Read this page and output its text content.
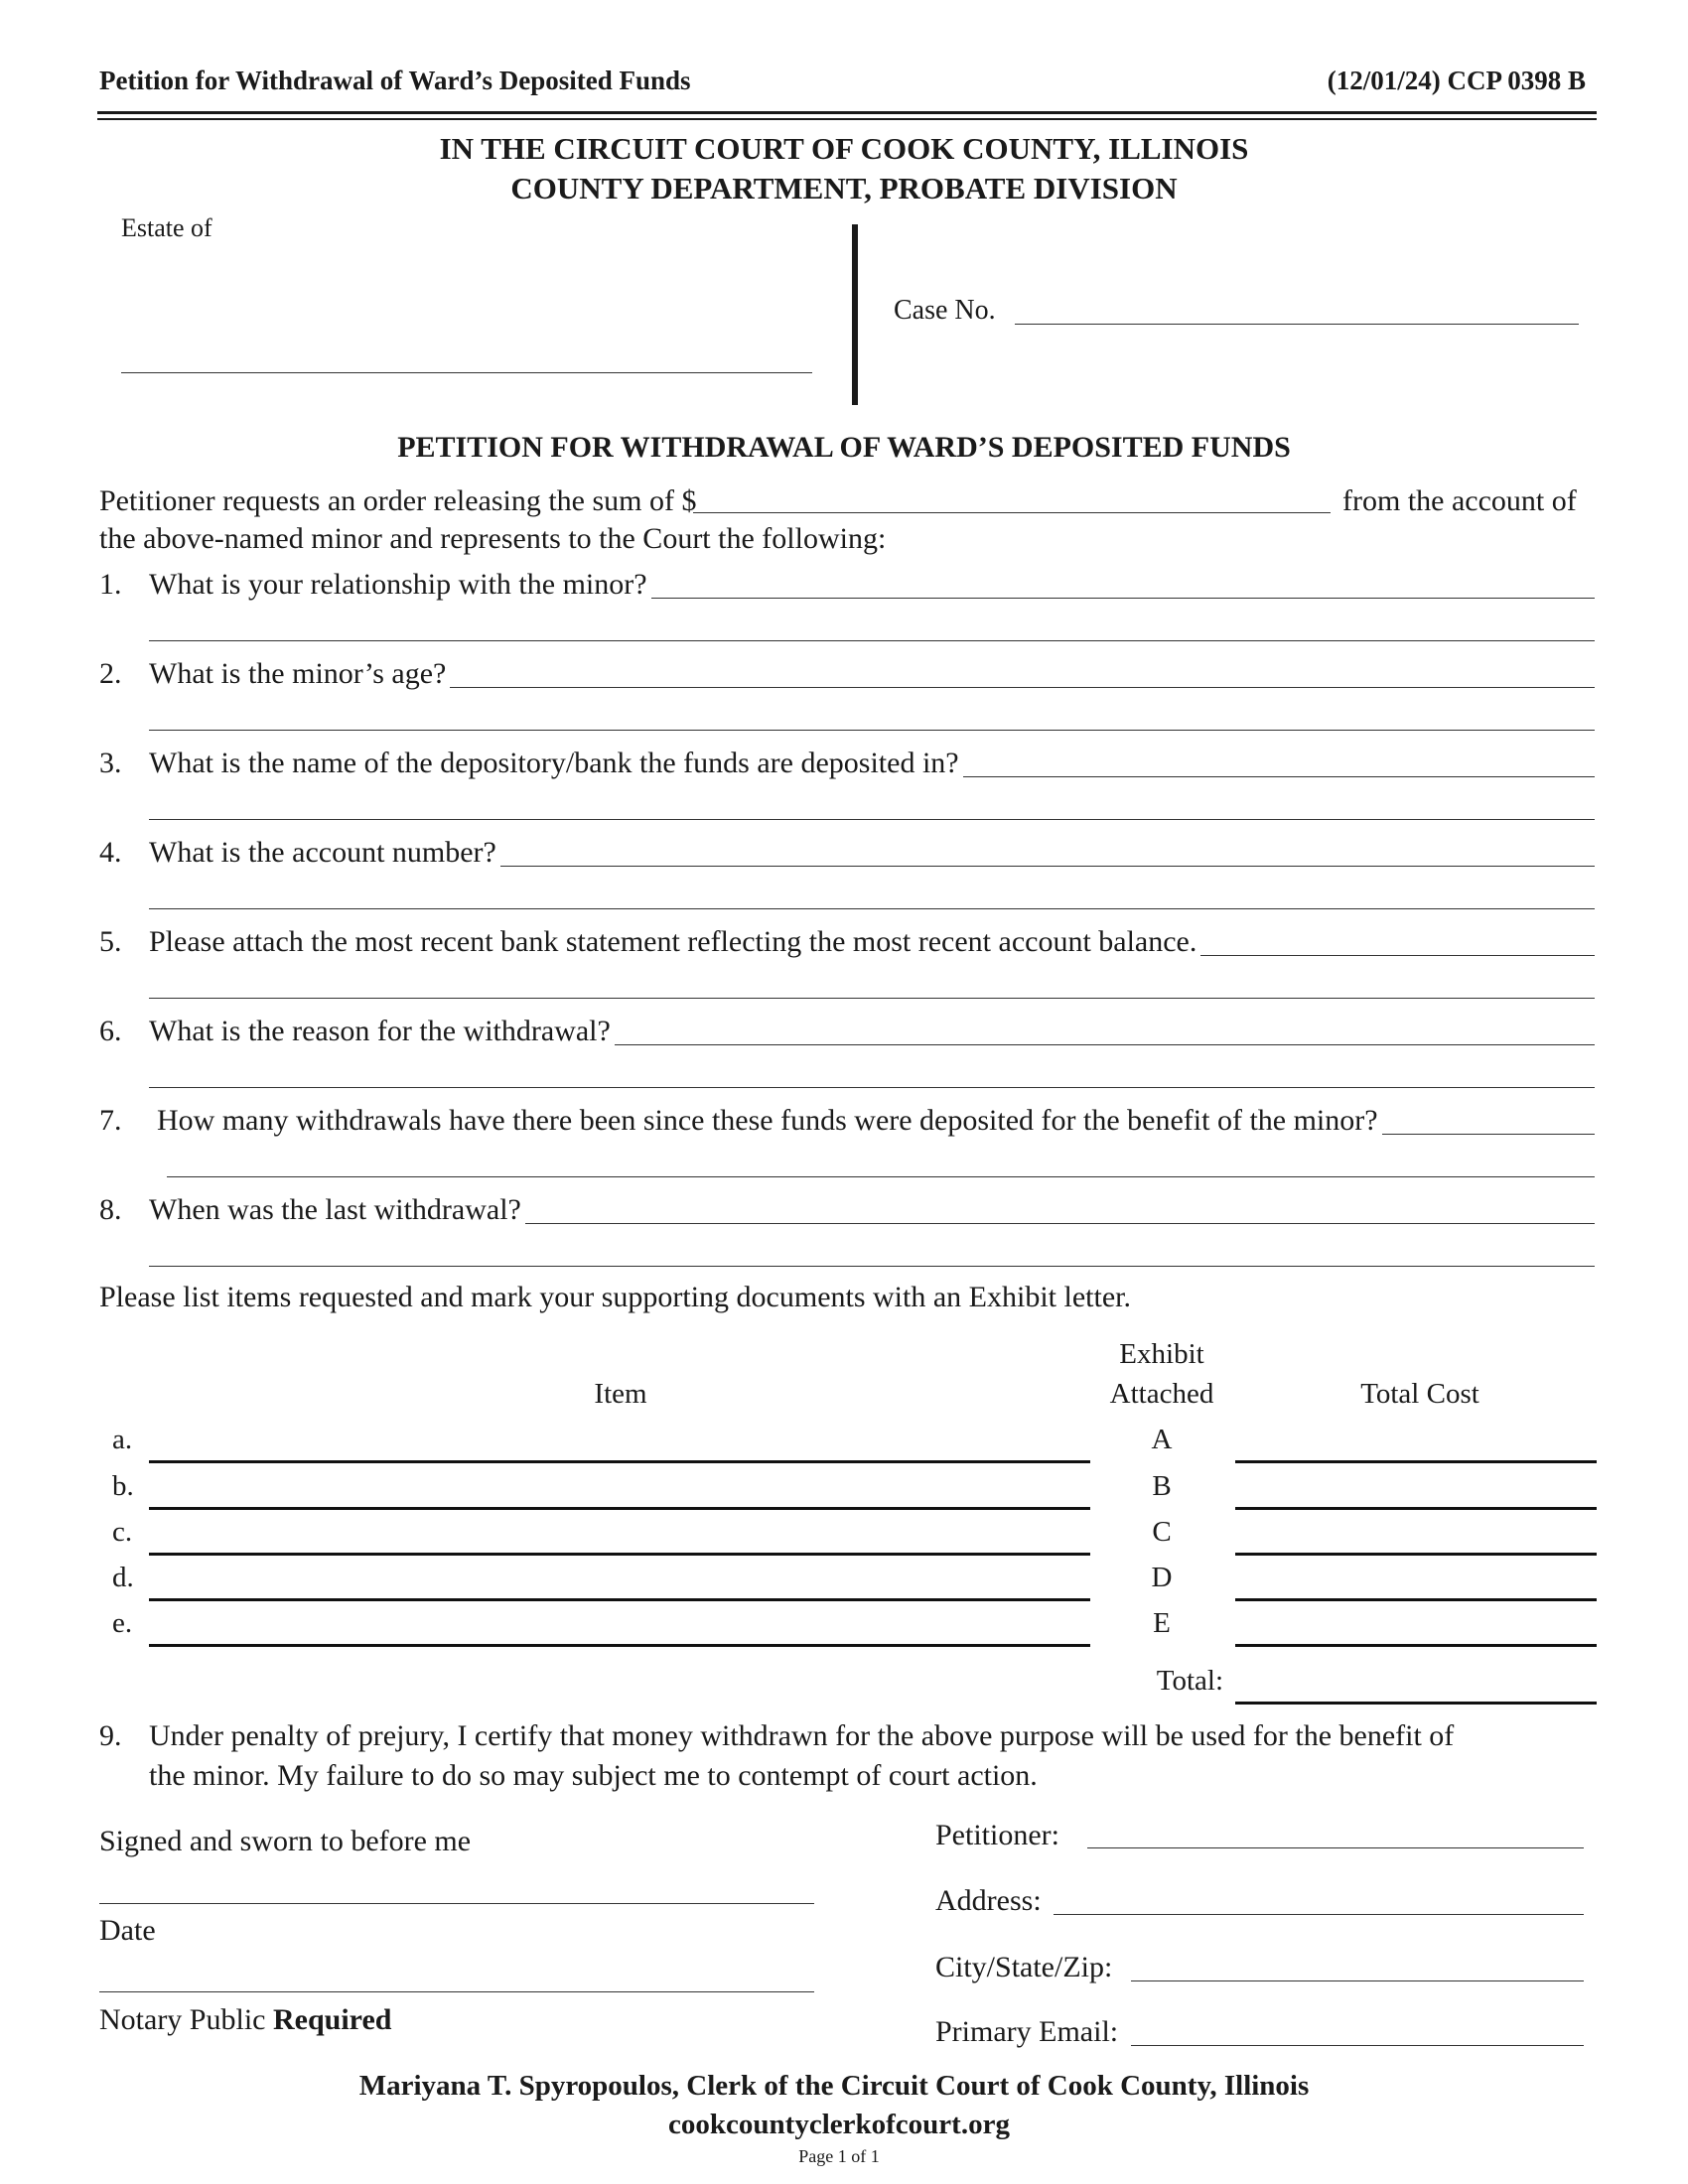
Petition for Withdrawal of Ward’s Deposited Funds	(12/01/24) CCP 0398 B
IN THE CIRCUIT COURT OF COOK COUNTY, ILLINOIS
COUNTY DEPARTMENT, PROBATE DIVISION
Estate of
Case No.
PETITION FOR WITHDRAWAL OF WARD’S DEPOSITED FUNDS
Petitioner requests an order releasing the sum of $	from the account of
the above-named minor and represents to the Court the following:
1. What is your relationship with the minor?
2. What is the minor’s age?
3. What is the name of the depository/bank the funds are deposited in?
4. What is the account number?
5. Please attach the most recent bank statement reflecting the most recent account balance.
6. What is the reason for the withdrawal?
7. How many withdrawals have there been since these funds were deposited for the benefit of the minor?
8. When was the last withdrawal?
Please list items requested and mark your supporting documents with an Exhibit letter.
Item
Exhibit
Attached	Total Cost
a.	A
b.	B
c.	C
d.	D
e.	E
Total:
9. Under penalty of prejury, I certify that money withdrawn for the above purpose will be used for the benefit of
the minor. My failure to do so may subject me to contempt of court action.
Signed and sworn to before me
Date
Notary Public Required
Petitioner:
Address:
City/State/Zip:
Primary Email:
Mariyana T. Spyropoulos, Clerk of the Circuit Court of Cook County, Illinois
cookcountyclerkofcourt.org
Page 1 of 1
